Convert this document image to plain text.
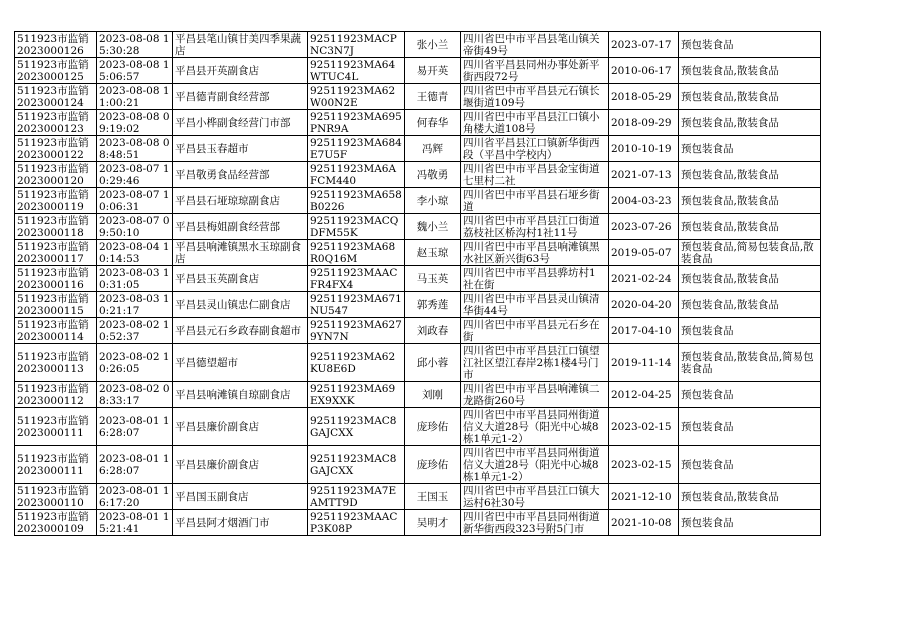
511923市监销2023000126	2023-08-08 15:30:28	平昌县笔山镇甘美四季果蔬店	92511923MACPNC3N7J	张小兰	四川省巴中市平昌县笔山镇关帝街49号	2023-07-17	预包装食品
511923市监销2023000125	2023-08-08 15:06:57	平昌县开英副食店	92511923MA64WTUC4L	易开英	四川省平昌县同州办事处新平街西段72号	2010-06-17	预包装食品,散装食品
511923市监销2023000124	2023-08-08 11:00:21	平昌德青副食经营部	92511923MA62W00N2E	王德青	四川省巴中市平昌县元石镇长堰街道109号	2018-05-29	预包装食品,散装食品
511923市监销2023000123	2023-08-08 09:19:02	平昌小桦副食经营门市部	92511923MA695PNR9A	何春华	四川省巴中市平昌县江口镇小角楼大道108号	2018-09-29	预包装食品,散装食品
511923市监销2023000122	2023-08-08 08:48:51	平昌县玉春超市	92511923MA684E7U5F	冯辉	四川省平昌县江口镇新华街西段（平昌中学校内）	2010-10-19	预包装食品
511923市监销2023000120	2023-08-07 10:29:46	平昌敬勇食品经营部	92511923MA6AFCM440	冯敬勇	四川省巴中市平昌县金宝街道七里村二社	2021-07-13	预包装食品,散装食品
511923市监销2023000119	2023-08-07 10:06:31	平昌县石垭琼琼副食店	92511923MA658B0226	李小琼	四川省巴中市平昌县石垭乡街道	2004-03-23	预包装食品,散装食品
511923市监销2023000118	2023-08-07 09:50:10	平昌县梅姐副食经营部	92511923MACQDFM55K	魏小兰	四川省巴中市平昌县江口街道荔枝社区桥沟村1社11号	2023-07-26	预包装食品,散装食品
511923市监销2023000117	2023-08-04 10:14:53	平昌县响滩镇黑水玉琼副食店	92511923MA68R0Q16M	赵玉琼	四川省巴中市平昌县响滩镇黑水社区新兴街63号	2019-05-07	预包装食品,简易包装食品,散装食品
511923市监销2023000116	2023-08-03 10:31:05	平昌县玉英副食店	92511923MAACFR4FX4	马玉英	四川省巴中市平昌县骅坊村1社在街	2021-02-24	预包装食品,散装食品
511923市监销2023000115	2023-08-03 10:21:17	平昌县灵山镇忠仁副食店	92511923MA671NU547	郭秀莲	四川省巴中市平昌县灵山镇清华街44号	2020-04-20	预包装食品,散装食品
511923市监销2023000114	2023-08-02 10:52:37	平昌县元石乡政春副食超市	92511923MA6279YN7N	刘政春	四川省巴中市平昌县元石乡在街	2017-04-10	预包装食品
511923市监销2023000113	2023-08-02 10:26:05	平昌德望超市	92511923MA62KU8E6D	邱小蓉	四川省巴中市平昌县江口镇望江社区望江春岸2栋1楼4号门市	2019-11-14	预包装食品,散装食品,简易包装食品
511923市监销2023000112	2023-08-02 08:33:17	平昌县响滩镇自琼副食店	92511923MA69EX9XXK	刘刚	四川省巴中市平昌县响滩镇二龙路街260号	2012-04-25	预包装食品
511923市监销2023000111	2023-08-01 16:28:07	平昌县廉价副食店	92511923MAC8GAJCXX	庞珍佑	四川省巴中市平昌县同州街道信义大道28号（阳光中心城8栋1单元1-2）	2023-02-15	预包装食品
511923市监销2023000111	2023-08-01 16:28:07	平昌县廉价副食店	92511923MAC8GAJCXX	庞珍佑	四川省巴中市平昌县同州街道信义大道28号（阳光中心城8栋1单元1-2）	2023-02-15	预包装食品
511923市监销2023000110	2023-08-01 16:17:20	平昌国玉副食店	92511923MA7EAMTT9D	王国玉	四川省巴中市平昌县江口镇大运村6社30号	2021-12-10	预包装食品,散装食品
511923市监销2023000109	2023-08-01 15:21:41	平昌县阿才烟酒门市	92511923MAACP3K08P	吴明才	四川省巴中市平昌县同州街道新华街西段323号附5门市	2021-10-08	预包装食品
